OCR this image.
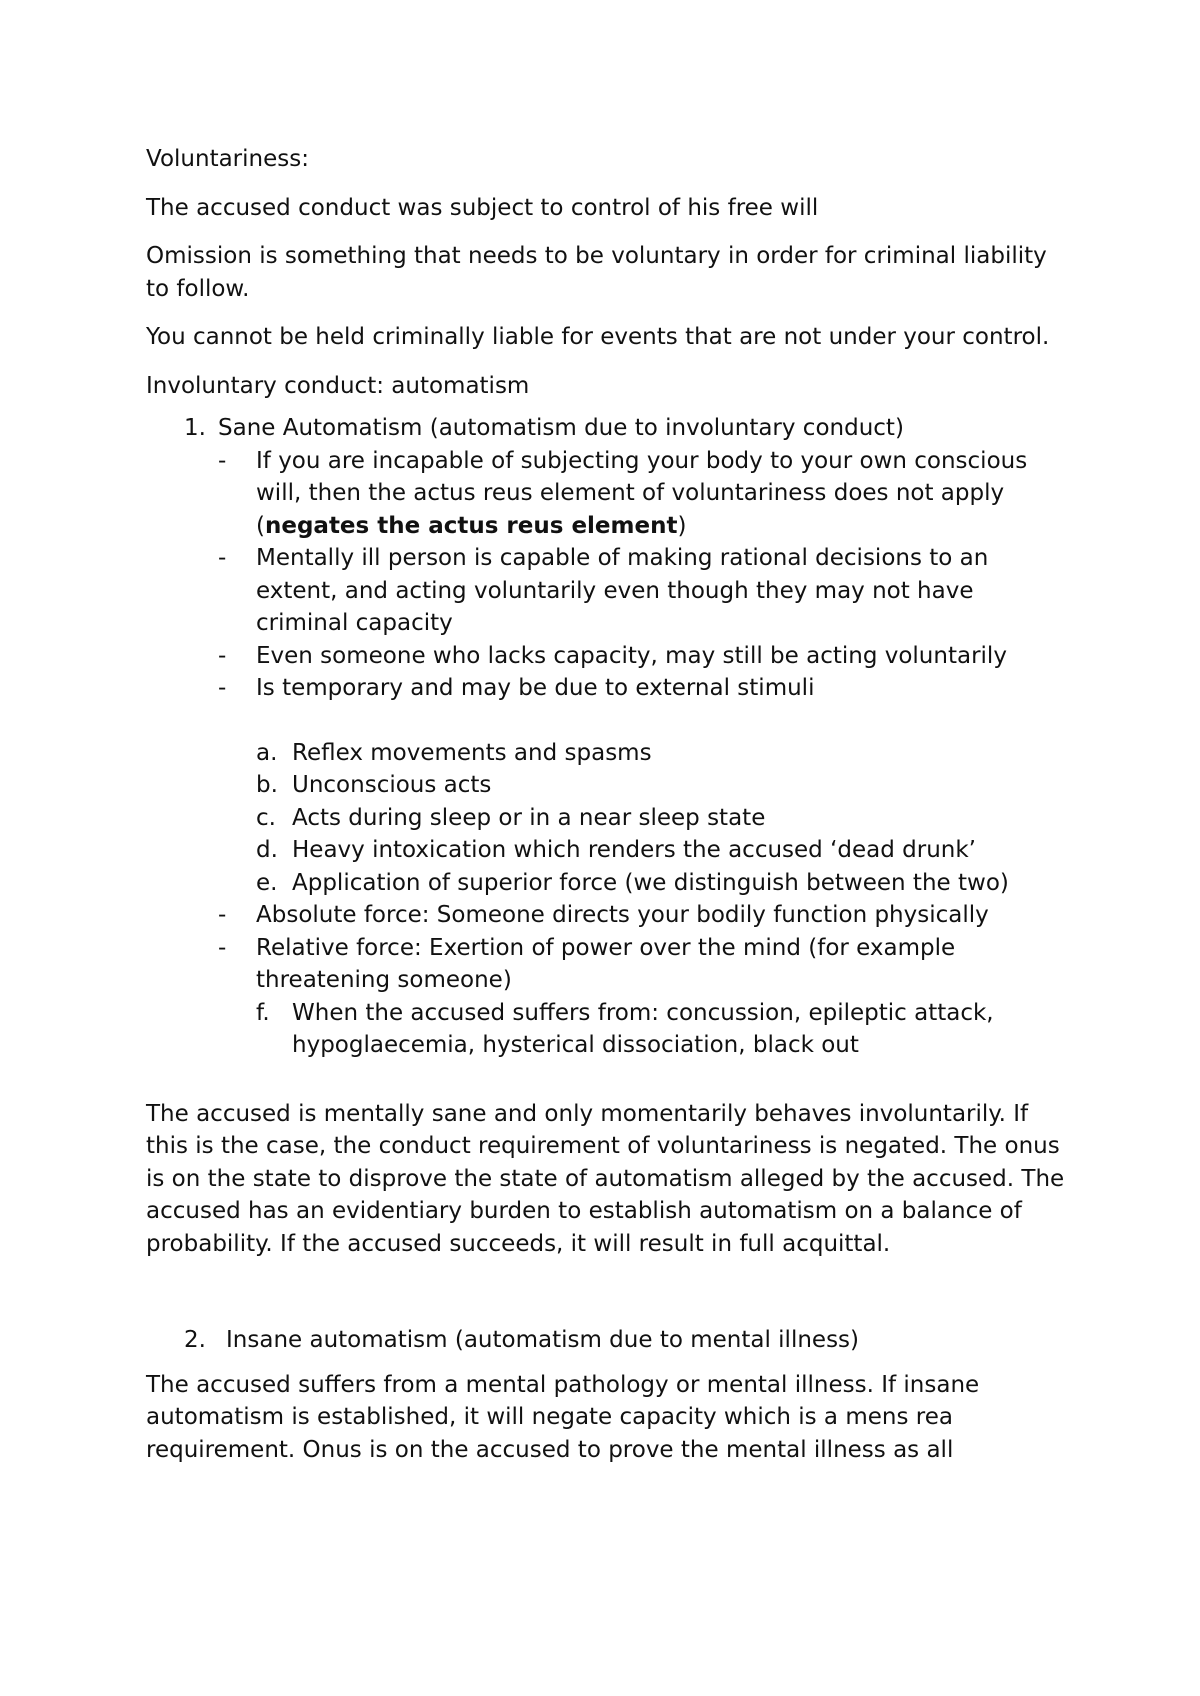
Voluntariness:

The accused conduct was subject to control of his free will

Omission is something that needs to be voluntary in order for criminal liability to follow.

You cannot be held criminally liable for events that are not under your control.

Involuntary conduct: automatism

1. Sane Automatism (automatism due to involuntary conduct)
- If you are incapable of subjecting your body to your own conscious will, then the actus reus element of voluntariness does not apply (negates the actus reus element)
- Mentally ill person is capable of making rational decisions to an extent, and acting voluntarily even though they may not have criminal capacity
- Even someone who lacks capacity, may still be acting voluntarily
- Is temporary and may be due to external stimuli
a. Reflex movements and spasms
b. Unconscious acts
c. Acts during sleep or in a near sleep state
d. Heavy intoxication which renders the accused ‘dead drunk’
e. Application of superior force (we distinguish between the two)
- Absolute force: Someone directs your bodily function physically
- Relative force: Exertion of power over the mind (for example threatening someone)
f. When the accused suffers from: concussion, epileptic attack, hypoglaecemia, hysterical dissociation, black out

The accused is mentally sane and only momentarily behaves involuntarily. If this is the case, the conduct requirement of voluntariness is negated. The onus is on the state to disprove the state of automatism alleged by the accused. The accused has an evidentiary burden to establish automatism on a balance of probability. If the accused succeeds, it will result in full acquittal.

2. Insane automatism (automatism due to mental illness)

The accused suffers from a mental pathology or mental illness. If insane automatism is established, it will negate capacity which is a mens rea requirement. Onus is on the accused to prove the mental illness as all
